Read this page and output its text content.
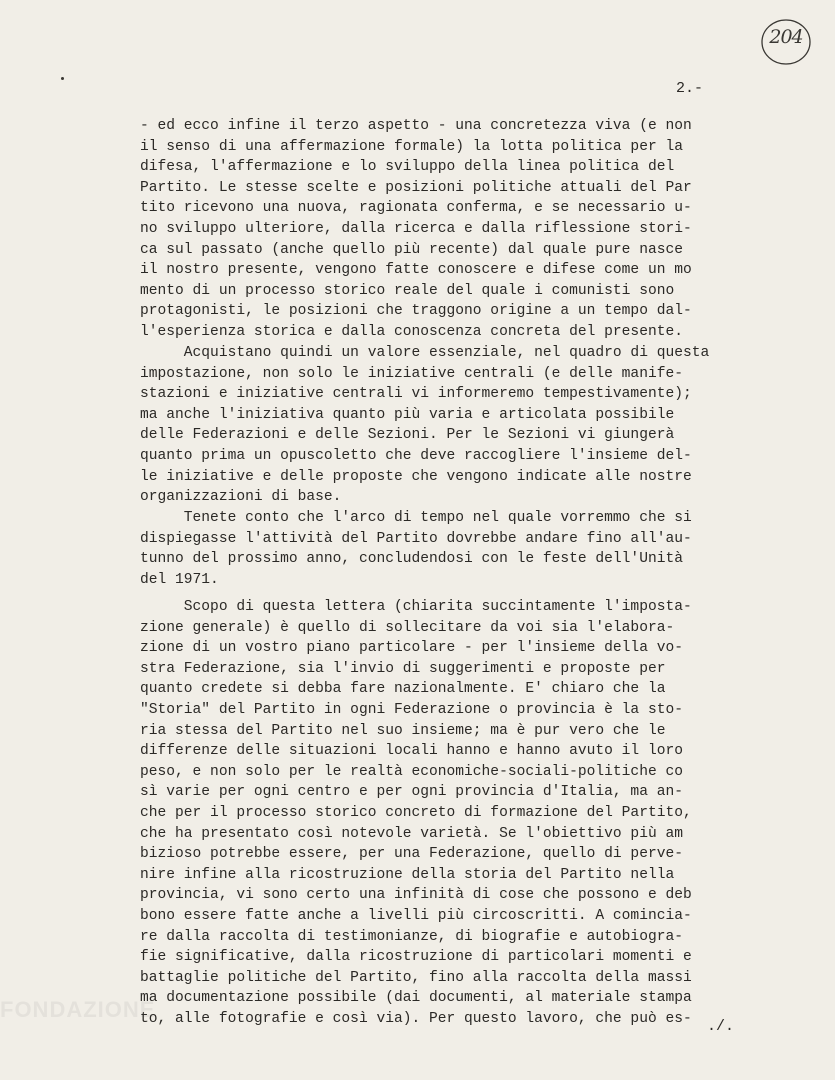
204
2.-
- ed ecco infine il terzo aspetto - una concretezza viva (e non
il senso di una affermazione formale) la lotta politica per la
difesa, l'affermazione e lo sviluppo della linea politica del
Partito. Le stesse scelte e posizioni politiche attuali del Par
tito ricevono una nuova, ragionata conferma, e se necessario u-
no sviluppo ulteriore, dalla ricerca e dalla riflessione stori-
ca sul passato (anche quello più recente) dal quale pure nasce
il nostro presente, vengono fatte conoscere e difese come un mo
mento di un processo storico reale del quale i comunisti sono
protagonisti, le posizioni che traggono origine a un tempo dal-
l'esperienza storica e dalla conoscenza concreta del presente.
Acquistano quindi un valore essenziale, nel quadro di questa
impostazione, non solo le iniziative centrali (e delle manife-
stazioni e iniziative centrali vi informeremo tempestivamente);
ma anche l'iniziativa quanto più varia e articolata possibile
delle Federazioni e delle Sezioni. Per le Sezioni vi giungerà
quanto prima un opuscoletto che deve raccogliere l'insieme del-
le iniziative e delle proposte che vengono indicate alle nostre
organizzazioni di base.
Tenete conto che l'arco di tempo nel quale vorremmo che si
dispiegasse l'attività del Partito dovrebbe andare fino all'au-
tunno del prossimo anno, concludendosi con le feste dell'Unità
del 1971.
Scopo di questa lettera (chiarita succintamente l'imposta-
zione generale) è quello di sollecitare da voi sia l'elabora-
zione di un vostro piano particolare - per l'insieme della vo-
stra Federazione, sia l'invio di suggerimenti e proposte per
quanto credete si debba fare nazionalmente. E' chiaro che la
"Storia" del Partito in ogni Federazione o provincia è la sto-
ria stessa del Partito nel suo insieme; ma è pur vero che le
differenze delle situazioni locali hanno e hanno avuto il loro
peso, e non solo per le realtà economiche-sociali-politiche co
sì varie per ogni centro e per ogni provincia d'Italia, ma an-
che per il processo storico concreto di formazione del Partito,
che ha presentato così notevole varietà. Se l'obiettivo più am
bizioso potrebbe essere, per una Federazione, quello di perve-
nire infine alla ricostruzione della storia del Partito nella
provincia, vi sono certo una infinità di cose che possono e deb
bono essere fatte anche a livelli più circoscritti. A comincia-
re dalla raccolta di testimonianze, di biografie e autobiogra-
fie significative, dalla ricostruzione di particolari momenti e
battaglie politiche del Partito, fino alla raccolta della massi
ma documentazione possibile (dai documenti, al materiale stampa
to, alle fotografie e così via). Per questo lavoro, che può es- ./.
FONDAZIONE
